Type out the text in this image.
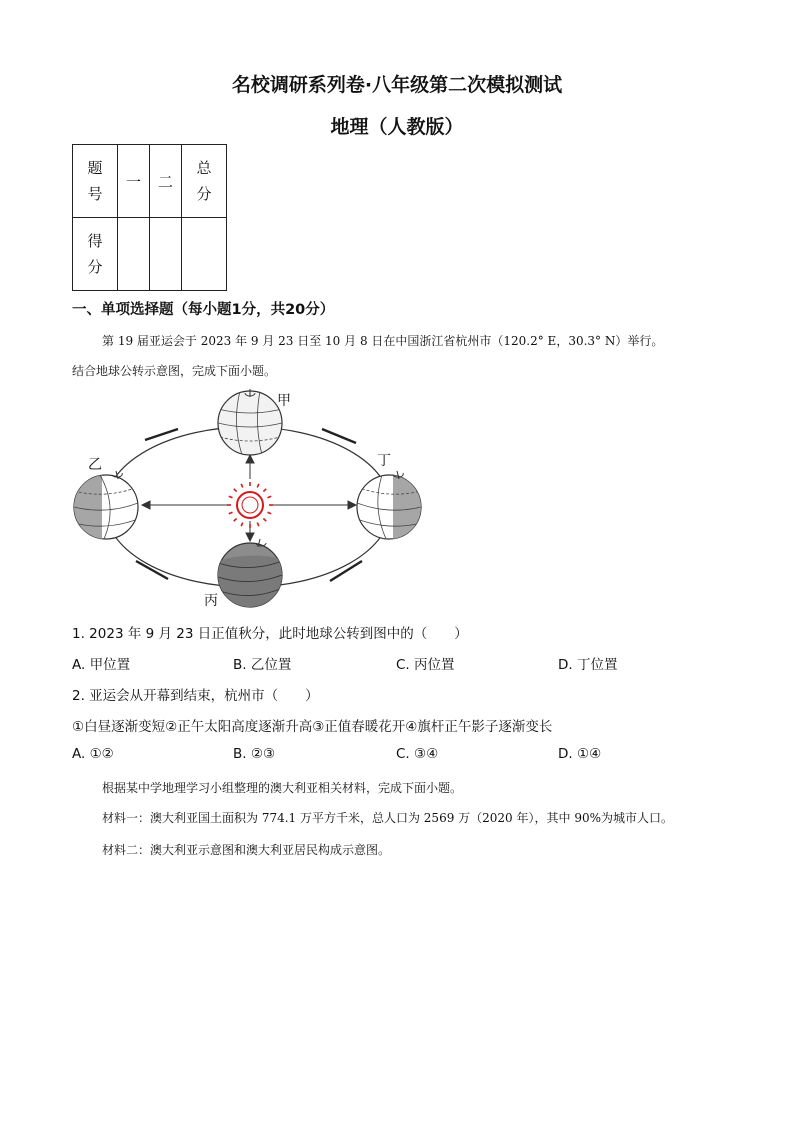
名校调研系列卷·八年级第二次模拟测试
地理（人教版）
题号	一	二	总分

得分			

一、单项选择题（每小题1分，共20分）
第 19 届亚运会于 2023 年 9 月 23 日至 10 月 8 日在中国浙江省杭州市（120.2° E，30.3° N）举行。
结合地球公转示意图，完成下面小题。
甲
乙	丁
丙
1. 2023 年 9 月 23 日正值秋分，此时地球公转到图中的（　　）
A. 甲位置	B. 乙位置	C. 丙位置	D. 丁位置
2. 亚运会从开幕到结束，杭州市（　　）
①白昼逐渐变短②正午太阳高度逐渐升高③正值春暖花开④旗杆正午影子逐渐变长
A. ①②	B. ②③	C. ③④	D. ①④
根据某中学地理学习小组整理的澳大利亚相关材料，完成下面小题。
材料一：澳大利亚国土面积为 774.1 万平方千米，总人口为 2569 万（2020 年），其中 90%为城市人口。
材料二：澳大利亚示意图和澳大利亚居民构成示意图。
